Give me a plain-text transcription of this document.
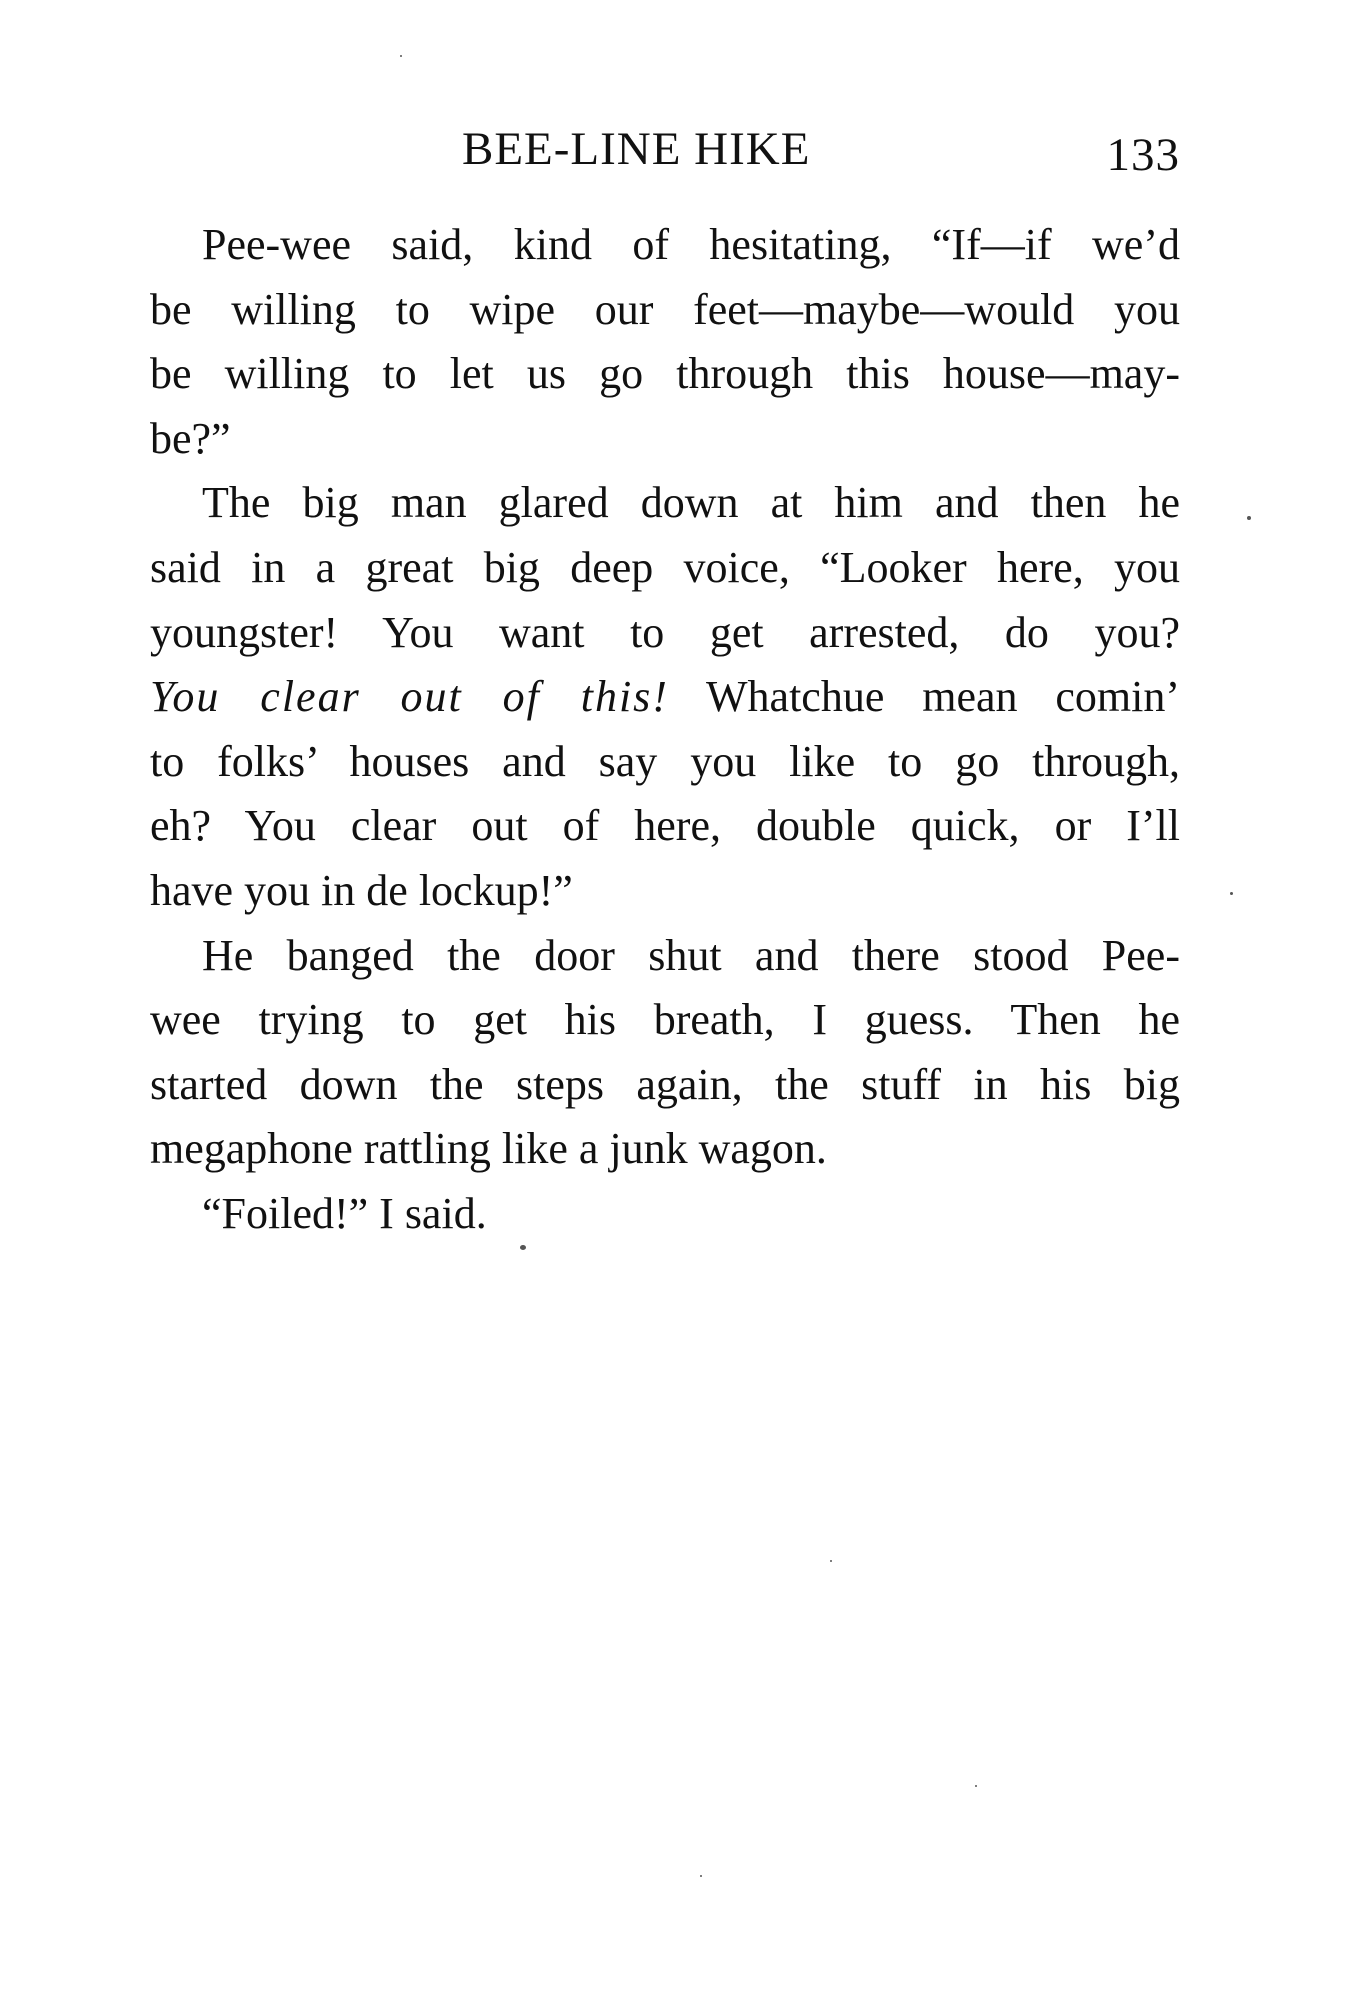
BEE-LINE HIKE	133
Pee-wee said, kind of hesitating, “If—if we’d
be willing to wipe our feet—maybe—would you
be willing to let us go through this house—may-
be?”
The big man glared down at him and then he
said in a great big deep voice, “Looker here, you
youngster! You want to get arrested, do you?
You clear out of this! Whatchue mean comin’
to folks’ houses and say you like to go through,
eh? You clear out of here, double quick, or I’ll
have you in de lockup!”
He banged the door shut and there stood Pee-
wee trying to get his breath, I guess. Then he
started down the steps again, the stuff in his big
megaphone rattling like a junk wagon.
“Foiled!” I said.
